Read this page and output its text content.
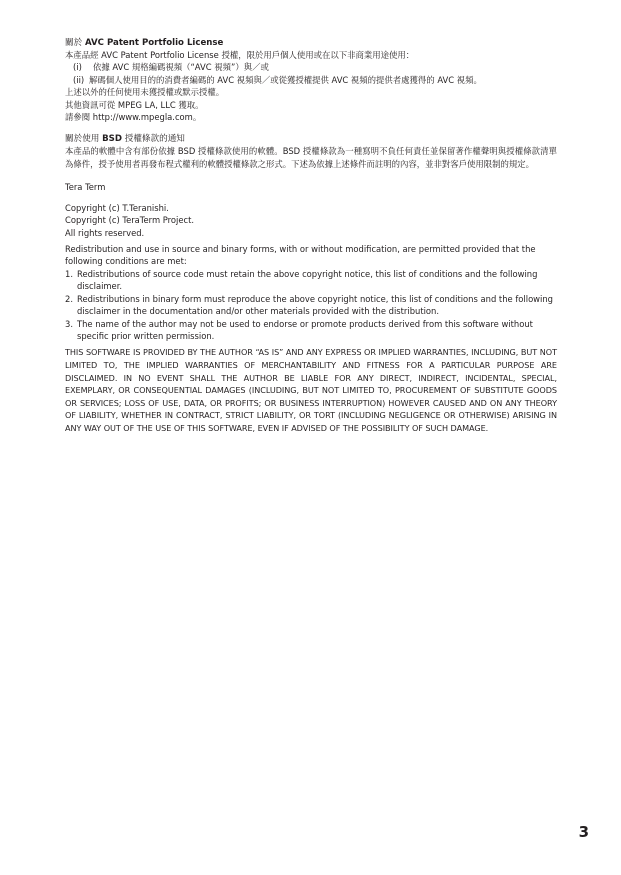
關於 AVC Patent Portfolio License

本產品經 AVC Patent Portfolio License 授權，限於用戶個人使用或在以下非商業用途使用：

(i) 依據 AVC 規格編碼視頻（“AVC 視頻”）與／或
(ii) 解碼個人使用目的的消費者編碼的 AVC 視頻與／或從獲授權提供 AVC 視頻的提供者處獲得的 AVC 視頻。

上述以外的任何使用未獲授權或默示授權。

其他資訊可從 MPEG LA, LLC 獲取。

請參閱 http://www.mpegla.com。

關於使用 BSD 授權條款的通知

本產品的軟體中含有部份依據 BSD 授權條款使用的軟體。BSD 授權條款為一種寫明不負任何責任並保留著作權聲明與授權條款清單為條件，授予使用者再發布程式權利的軟體授權條款之形式。下述為依據上述條件而註明的內容，並非對客戶使用限制的規定。

Tera Term

Copyright (c) T.Teranishi.

Copyright (c) TeraTerm Project.

All rights reserved.

Redistribution and use in source and binary forms, with or without modification, are permitted provided that the following conditions are met:

1. Redistributions of source code must retain the above copyright notice, this list of conditions and the following disclaimer.
2. Redistributions in binary form must reproduce the above copyright notice, this list of conditions and the following disclaimer in the documentation and/or other materials provided with the distribution.
3. The name of the author may not be used to endorse or promote products derived from this software without specific prior written permission.

THIS SOFTWARE IS PROVIDED BY THE AUTHOR “AS IS” AND ANY EXPRESS OR IMPLIED WARRANTIES, INCLUDING, BUT NOT LIMITED TO, THE IMPLIED WARRANTIES OF MERCHANTABILITY AND FITNESS FOR A PARTICULAR PURPOSE ARE DISCLAIMED. IN NO EVENT SHALL THE AUTHOR BE LIABLE FOR ANY DIRECT, INDIRECT, INCIDENTAL, SPECIAL, EXEMPLARY, OR CONSEQUENTIAL DAMAGES (INCLUDING, BUT NOT LIMITED TO, PROCUREMENT OF SUBSTITUTE GOODS OR SERVICES; LOSS OF USE, DATA, OR PROFITS; OR BUSINESS INTERRUPTION) HOWEVER CAUSED AND ON ANY THEORY OF LIABILITY, WHETHER IN CONTRACT, STRICT LIABILITY, OR TORT (INCLUDING NEGLIGENCE OR OTHERWISE) ARISING IN ANY WAY OUT OF THE USE OF THIS SOFTWARE, EVEN IF ADVISED OF THE POSSIBILITY OF SUCH DAMAGE.

3
